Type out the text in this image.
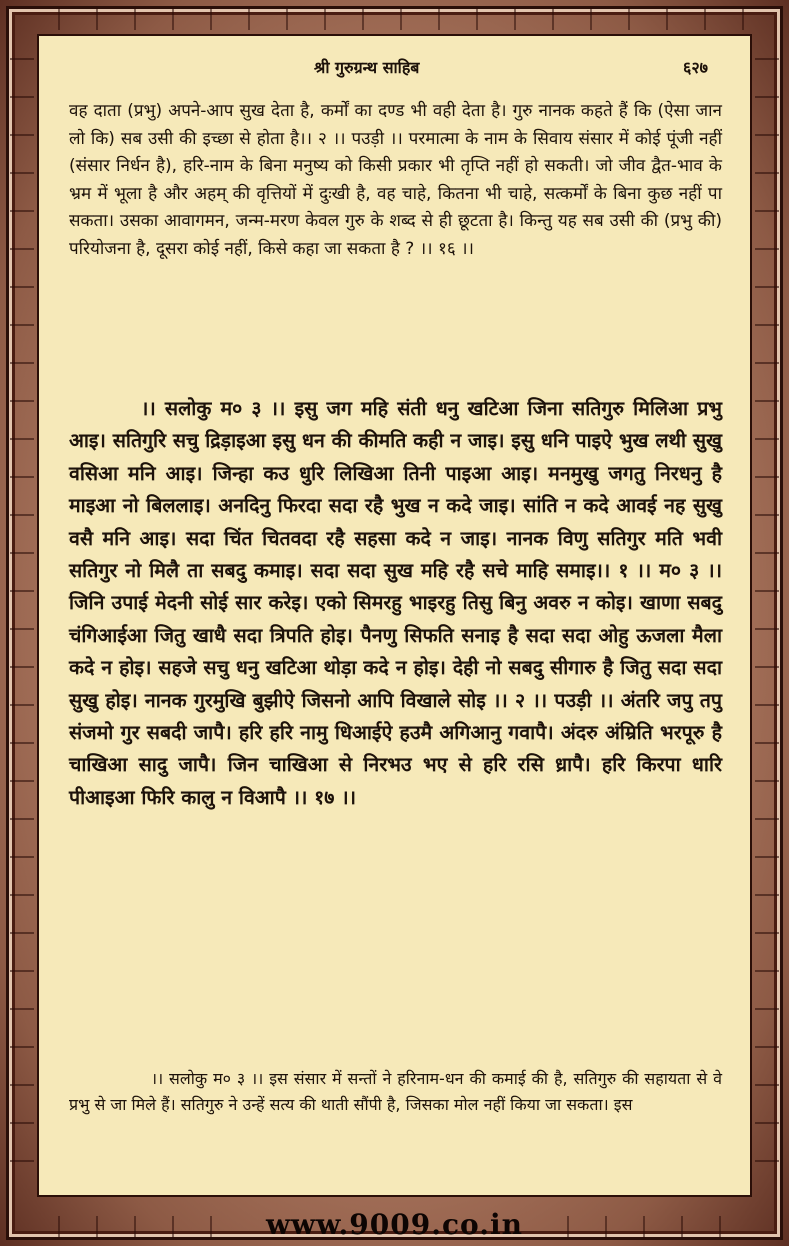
श्री गुरुग्रन्थ साहिब	६२७

वह दाता (प्रभु) अपने-आप सुख देता है, कर्मों का दण्ड भी वही देता है। गुरु नानक कहते हैं कि (ऐसा जान लो कि) सब उसी की इच्छा से होता है।। २ ।। पउड़ी ।। परमात्मा के नाम के सिवाय संसार में कोई पूंजी नहीं (संसार निर्धन है), हरि-नाम के बिना मनुष्य को किसी प्रकार भी तृप्ति नहीं हो सकती। जो जीव द्वैत-भाव के भ्रम में भूला है और अहम् की वृत्तियों में दुःखी है, वह चाहे, कितना भी चाहे, सत्कर्मों के बिना कुछ नहीं पा सकता। उसका आवागमन, जन्म-मरण केवल गुरु के शब्द से ही छूटता है। किन्तु यह सब उसी की (प्रभु की) परियोजना है, दूसरा कोई नहीं, किसे कहा जा सकता है ? ।। १६ ।।

।। सलोकु म० ३ ।। इसु जग महि संती धनु खटिआ जिना सतिगुरु मिलिआ प्रभु आइ। सतिगुरि सचु द्रिड़ाइआ इसु धन की कीमति कही न जाइ। इसु धनि पाइऐ भुख लथी सुखु वसिआ मनि आइ। जिन्हा कउ धुरि लिखिआ तिनी पाइआ आइ। मनमुखु जगतु निरधनु है माइआ नो बिललाइ। अनदिनु फिरदा सदा रहै भुख न कदे जाइ। सांति न कदे आवई नह सुखु वसै मनि आइ। सदा चिंत चितवदा रहै सहसा कदे न जाइ। नानक विणु सतिगुर मति भवी सतिगुर नो मिलै ता सबदु कमाइ। सदा सदा सुख महि रहै सचे माहि समाइ।। १ ।। म० ३ ।। जिनि उपाई मेदनी सोई सार करेइ। एको सिमरहु भाइरहु तिसु बिनु अवरु न कोइ। खाणा सबदु चंगिआईआ जितु खाधै सदा त्रिपति होइ। पैनणु सिफति सनाइ है सदा सदा ओहु ऊजला मैला कदे न होइ। सहजे सचु धनु खटिआ थोड़ा कदे न होइ। देही नो सबदु सीगारु है जितु सदा सदा सुखु होइ। नानक गुरमुखि बुझीऐ जिसनो आपि विखाले सोइ ।। २ ।। पउड़ी ।। अंतरि जपु तपु संजमो गुर सबदी जापै। हरि हरि नामु धिआईऐ हउमै अगिआनु गवापै। अंदरु अंम्रिति भरपूरु है चाखिआ सादु जापै। जिन चाखिआ से निरभउ भए से हरि रसि ध्रापै। हरि किरपा धारि पीआइआ फिरि कालु न विआपै ।। १७ ।।

।। सलोकु म० ३ ।। इस संसार में सन्तों ने हरिनाम-धन की कमाई की है, सतिगुरु की सहायता से वे प्रभु से जा मिले हैं। सतिगुरु ने उन्हें सत्य की थाती सौंपी है, जिसका मोल नहीं किया जा सकता। इस

www.9009.co.in
